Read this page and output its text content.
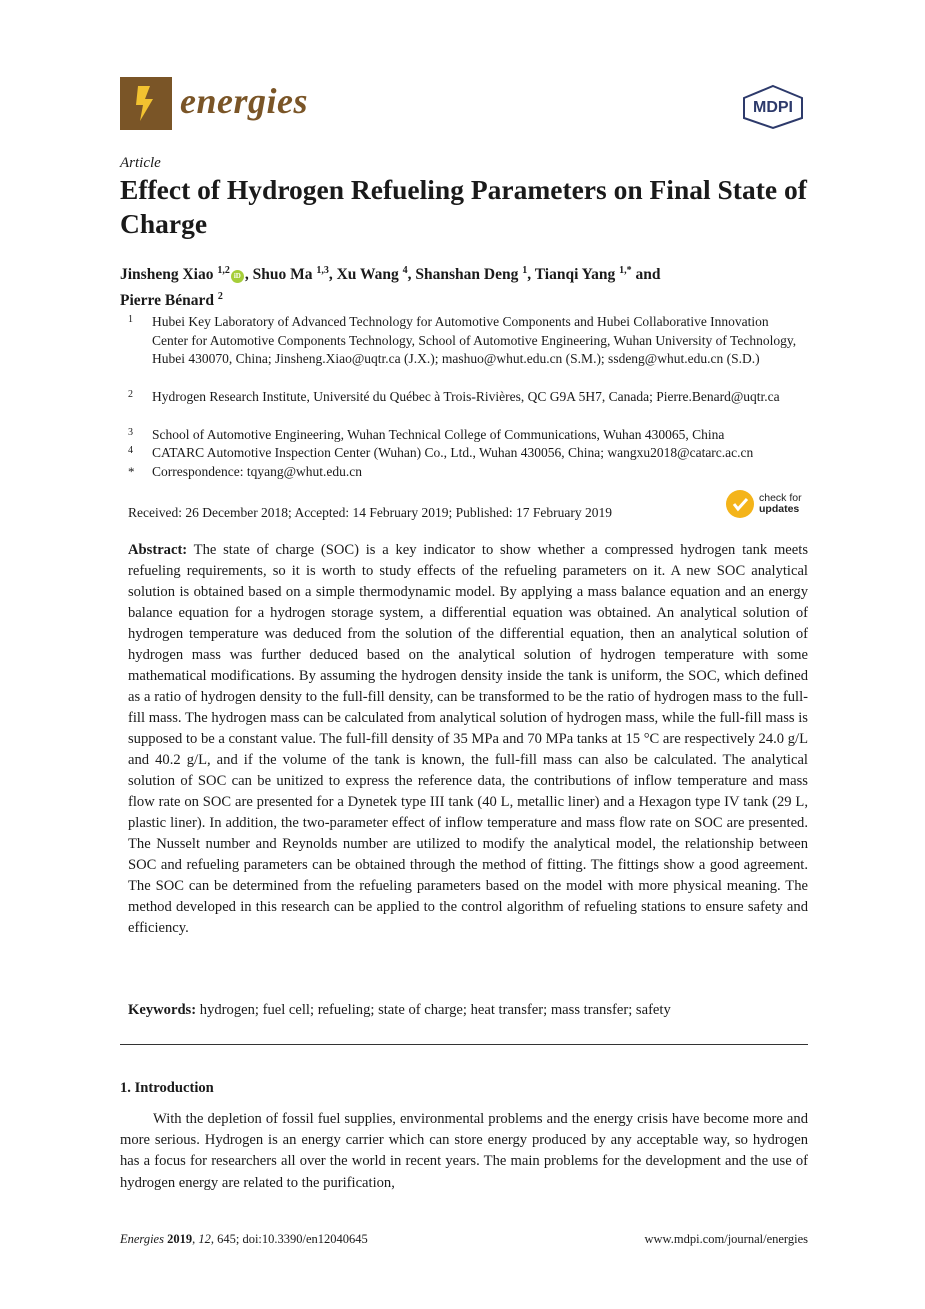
energies	MDPI
Article
Effect of Hydrogen Refueling Parameters on Final State of Charge
Jinsheng Xiao $^{1,2}$iD , Shuo Ma $^{1,3}$, Xu Wang $^4$, Shanshan Deng $^1$, Tianqi Yang $^{1,*}$ and
Pierre Bénard $^2$
1 Hubei Key Laboratory of Advanced Technology for Automotive Components and Hubei Collaborative Innovation Center for Automotive Components Technology, School of Automotive Engineering, Wuhan University of Technology, Hubei 430070, China; Jinsheng.Xiao@uqtr.ca (J.X.); mashuo@whut.edu.cn (S.M.); ssdeng@whut.edu.cn (S.D.)
2 Hydrogen Research Institute, Université du Québec à Trois-Rivières, QC G9A 5H7, Canada; Pierre.Benard@uqtr.ca
3 School of Automotive Engineering, Wuhan Technical College of Communications, Wuhan 430065, China
4 CATARC Automotive Inspection Center (Wuhan) Co., Ltd., Wuhan 430056, China; wangxu2018@catarc.ac.cn
* Correspondence: tqyang@whut.edu.cn
Received: 26 December 2018; Accepted: 14 February 2019; Published: 17 February 2019
check for
updates
Abstract: The state of charge (SOC) is a key indicator to show whether a compressed hydrogen tank meets refueling requirements, so it is worth to study effects of the refueling parameters on it. A new SOC analytical solution is obtained based on a simple thermodynamic model. By applying a mass balance equation and an energy balance equation for a hydrogen storage system, a differential equation was obtained. An analytical solution of hydrogen temperature was deduced from the solution of the differential equation, then an analytical solution of hydrogen mass was further deduced based on the analytical solution of hydrogen temperature with some mathematical modifications. By assuming the hydrogen density inside the tank is uniform, the SOC, which defined as a ratio of hydrogen density to the full-fill density, can be transformed to be the ratio of hydrogen mass to the full-fill mass. The hydrogen mass can be calculated from analytical solution of hydrogen mass, while the full-fill mass is supposed to be a constant value. The full-fill density of 35 MPa and 70 MPa tanks at 15 °C are respectively 24.0 g/L and 40.2 g/L, and if the volume of the tank is known, the full-fill mass can also be calculated. The analytical solution of SOC can be unitized to express the reference data, the contributions of inflow temperature and mass flow rate on SOC are presented for a Dynetek type III tank (40 L, metallic liner) and a Hexagon type IV tank (29 L, plastic liner). In addition, the two-parameter effect of inflow temperature and mass flow rate on SOC are presented. The Nusselt number and Reynolds number are utilized to modify the analytical model, the relationship between SOC and refueling parameters can be obtained through the method of fitting. The fittings show a good agreement. The SOC can be determined from the refueling parameters based on the model with more physical meaning. The method developed in this research can be applied to the control algorithm of refueling stations to ensure safety and efficiency.
Keywords: hydrogen; fuel cell; refueling; state of charge; heat transfer; mass transfer; safety
1. Introduction
With the depletion of fossil fuel supplies, environmental problems and the energy crisis have become more and more serious. Hydrogen is an energy carrier which can store energy produced by any acceptable way, so hydrogen has a focus for researchers all over the world in recent years. The main problems for the development and the use of hydrogen energy are related to the purification,
Energies 2019, 12, 645; doi:10.3390/en12040645	www.mdpi.com/journal/energies
